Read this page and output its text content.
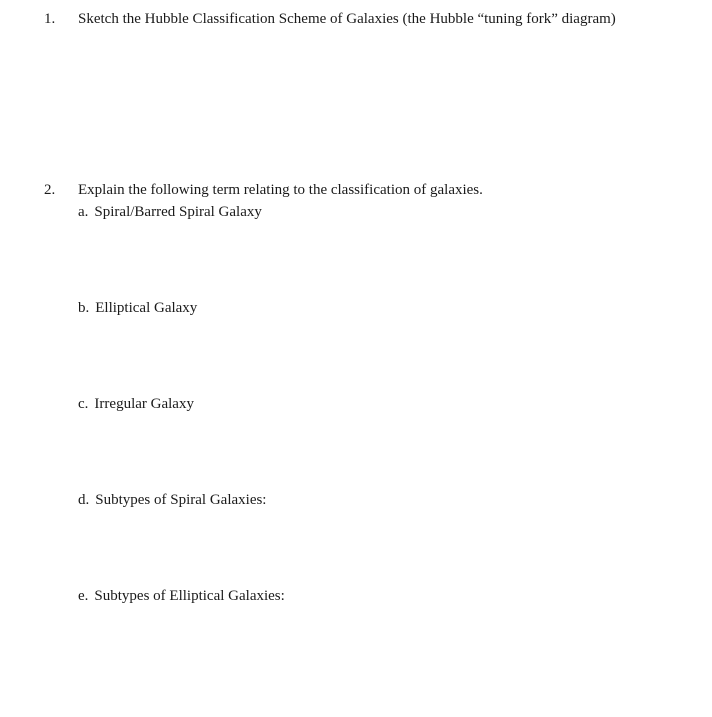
1. Sketch the Hubble Classification Scheme of Galaxies (the Hubble “tuning fork” diagram)
2. Explain the following term relating to the classification of galaxies.
a. Spiral/Barred Spiral Galaxy
b. Elliptical Galaxy
c. Irregular Galaxy
d. Subtypes of Spiral Galaxies:
e. Subtypes of Elliptical Galaxies:
